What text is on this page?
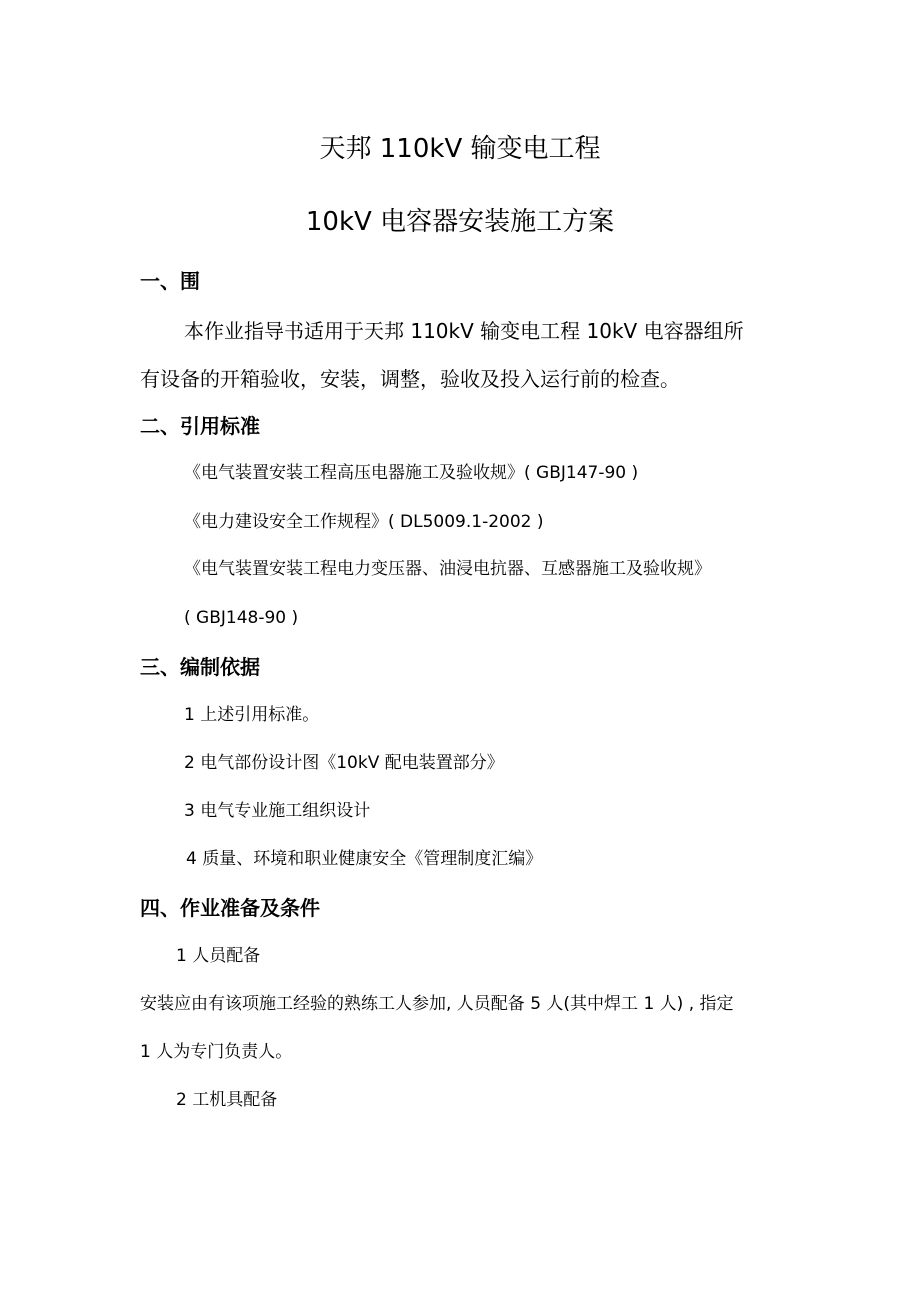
天邦 110kV 输变电工程
10kV 电容器安装施工方案
一、围
本作业指导书适用于天邦 110kV 输变电工程 10kV 电容器组所
有设备的开箱验收，安装，调整，验收及投入运行前的检查。
二、引用标准
《电气装置安装工程高压电器施工及验收规》( GBJ147-90 )
《电力建设安全工作规程》( DL5009.1-2002 )
《电气装置安装工程电力变压器、油浸电抗器、互感器施工及验收规》
( GBJ148-90 )
三、编制依据
1 上述引用标准。
2 电气部份设计图《10kV 配电装置部分》
3 电气专业施工组织设计
4 质量、环境和职业健康安全《管理制度汇编》
四、作业准备及条件
1 人员配备
安装应由有该项施工经验的熟练工人参加, 人员配备 5 人(其中焊工 1 人) , 指定
1 人为专门负责人。
2 工机具配备
